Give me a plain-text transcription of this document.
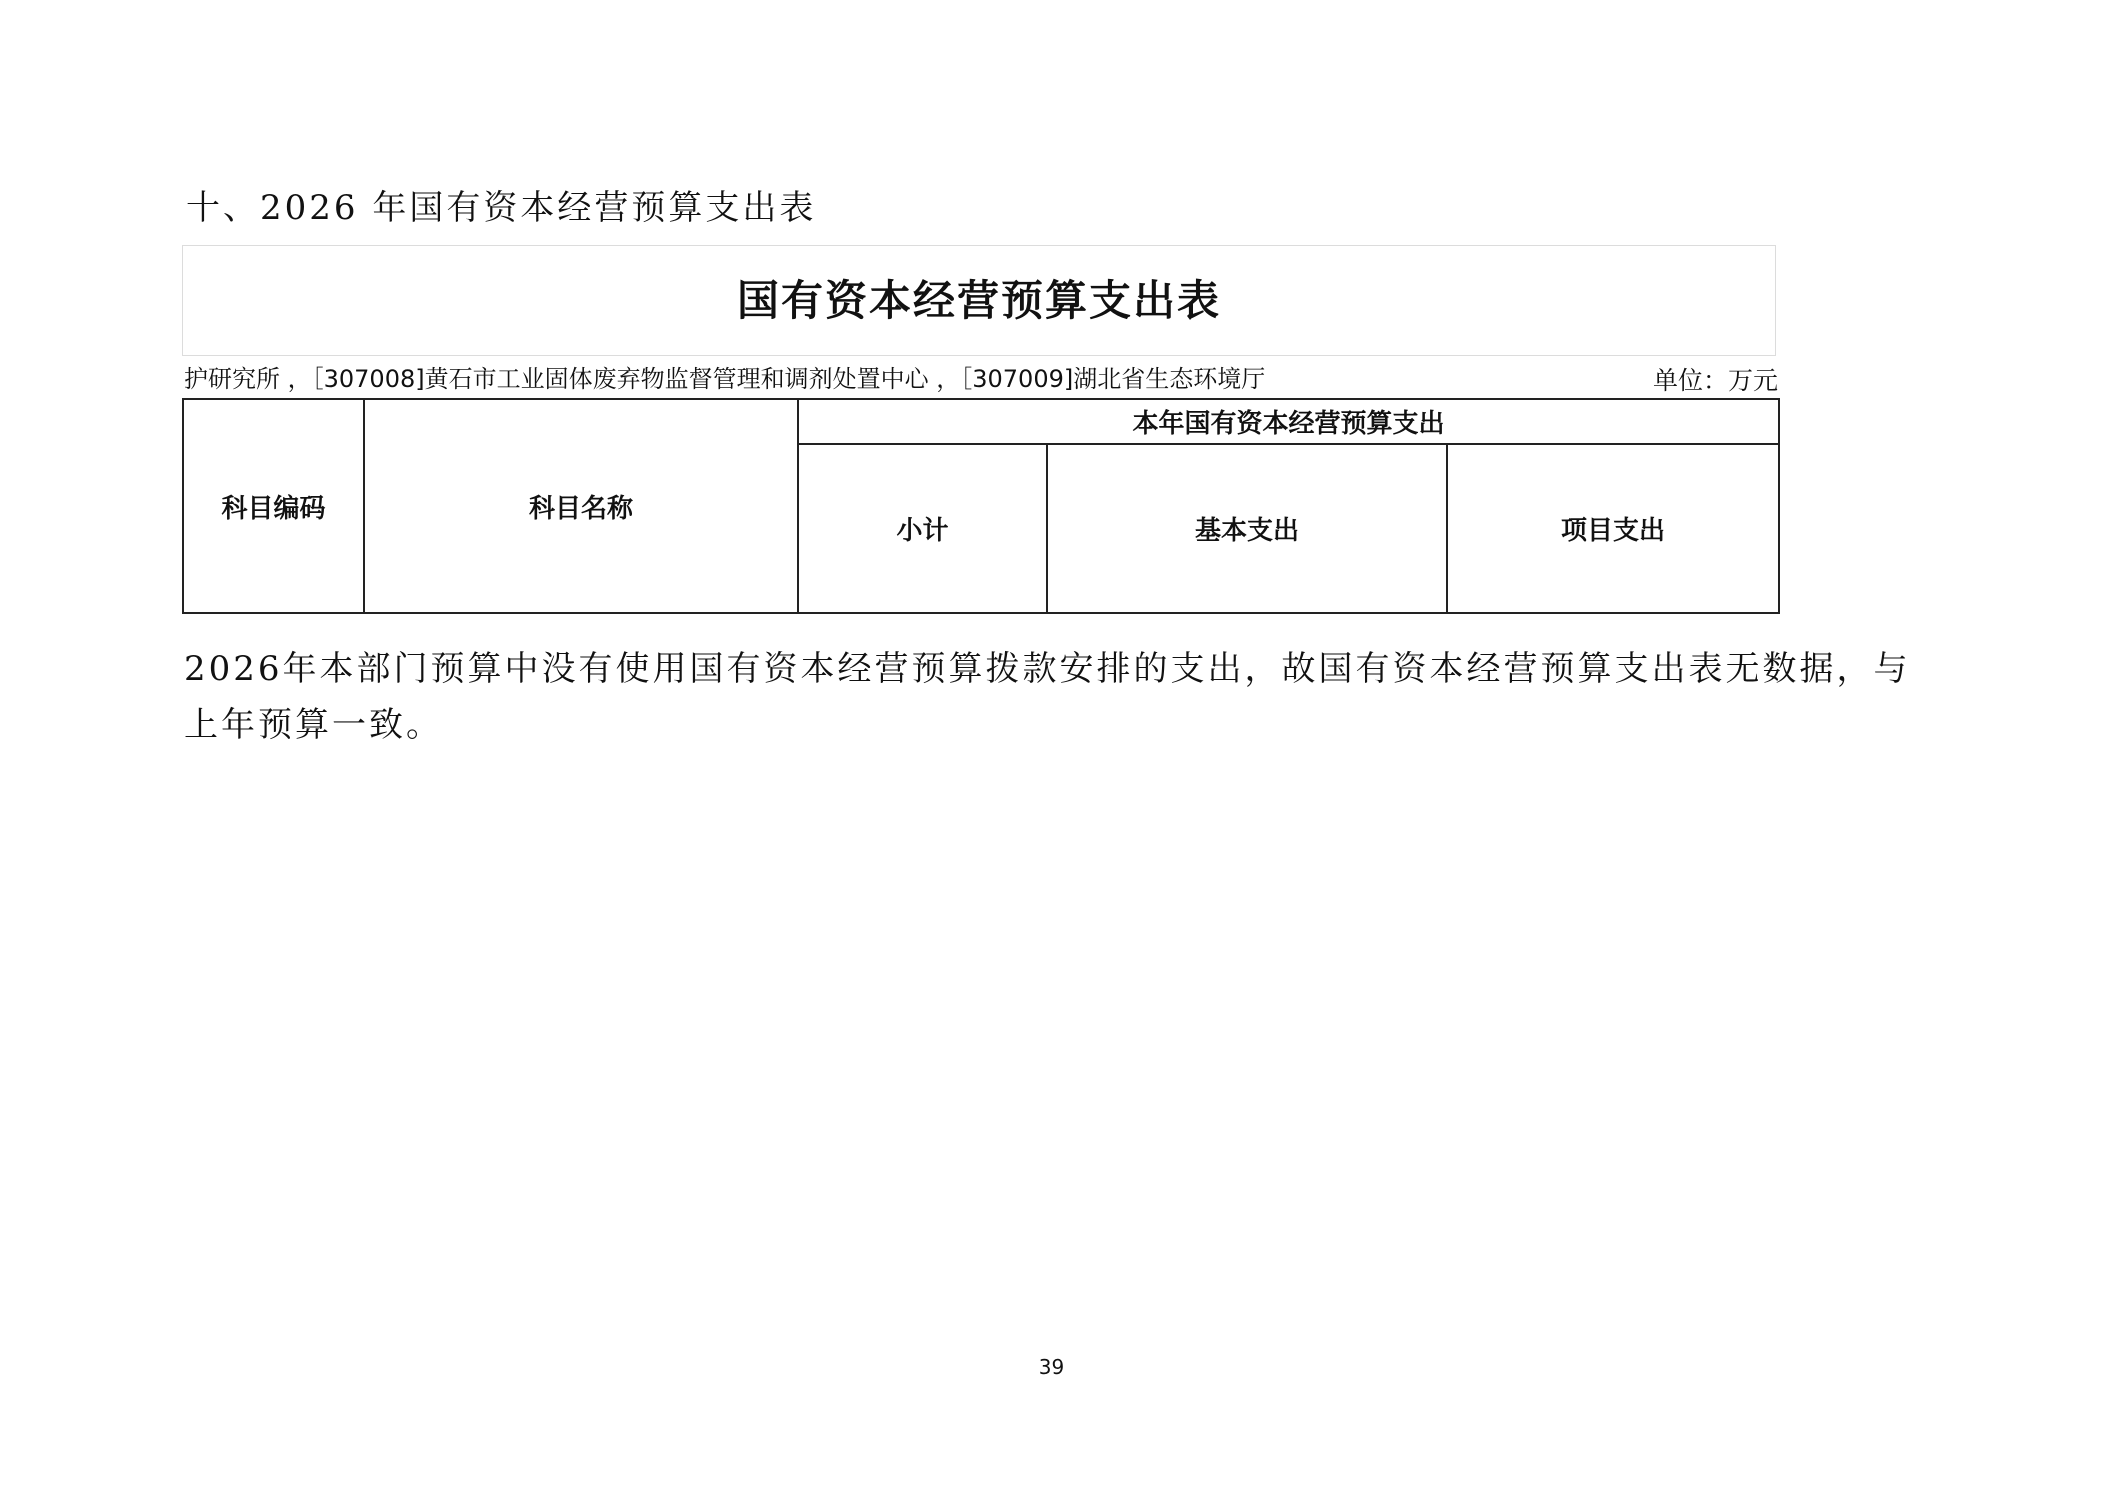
十、2026 年国有资本经营预算支出表
国有资本经营预算支出表
护研究所 ，［307008]黄石市工业固体废弃物监督管理和调剂处置中心 ，［307009]湖北省生态环境厅	单位：万元
科目编码	科目名称	本年国有资本经营预算支出		
		小计	基本支出	项目支出
2026年本部门预算中没有使用国有资本经营预算拨款安排的支出，故国有资本经营预算支出表无数据，与上年预算一致。
39
